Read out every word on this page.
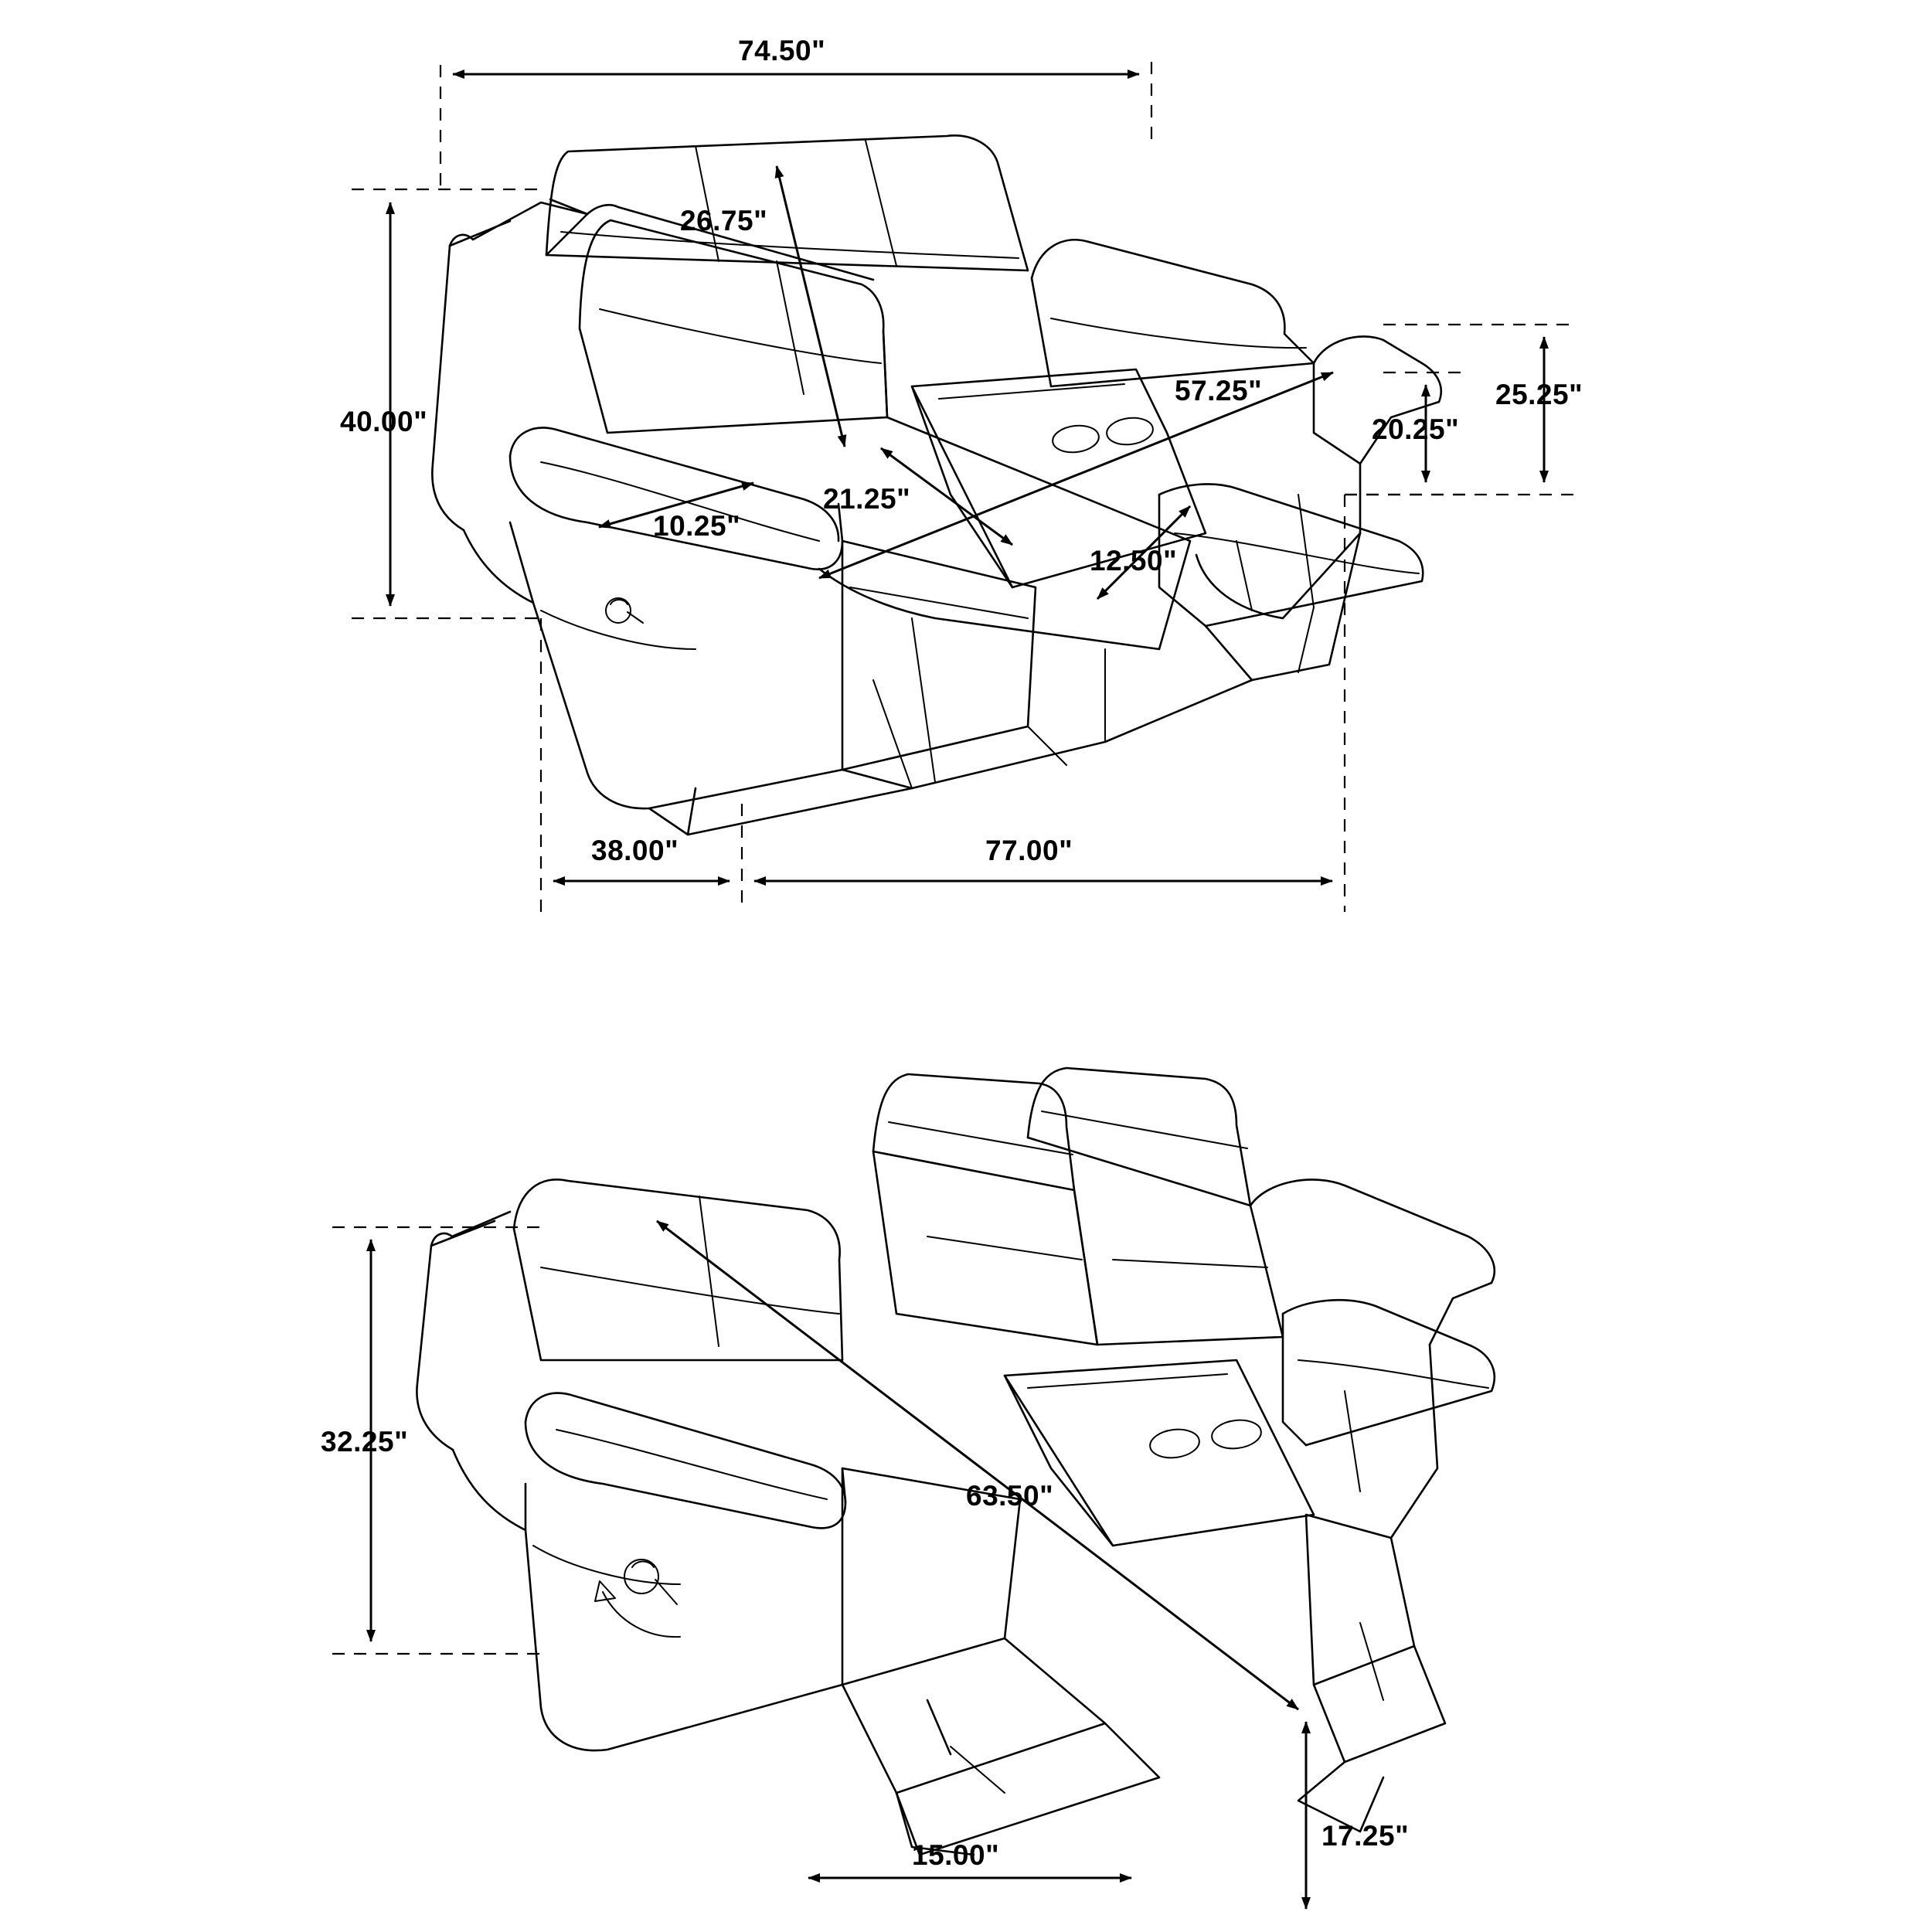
74.50"
26.75"
40.00"
10.25"
21.25"
57.25"
12.50"
20.25"
25.25"
38.00"	77.00"
32.25"
63.50"
17.25"
15.00"
